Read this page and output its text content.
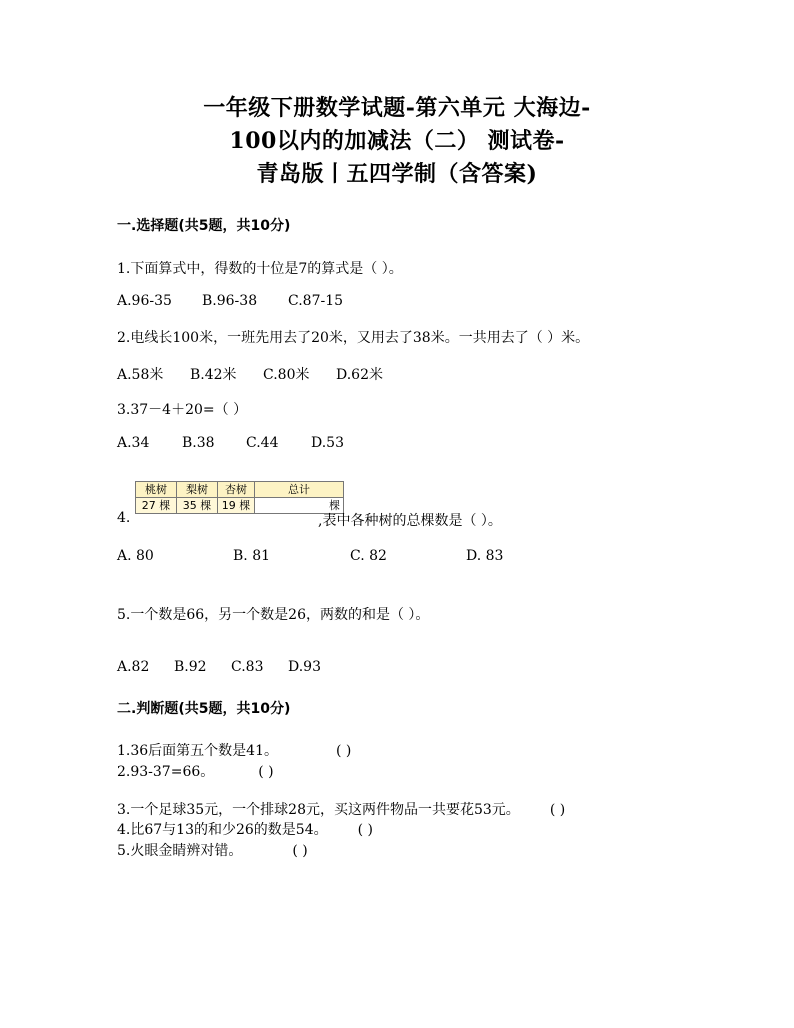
一年级下册数学试题-第六单元 大海边-
100以内的加减法（二） 测试卷-
青岛版丨五四学制（含答案)
一.选择题(共5题，共10分)
1.下面算式中，得数的十位是7的算式是（ ）。
A.96-35	B.96-38	C.87-15
2.电线长100米，一班先用去了20米，又用去了38米。一共用去了（ ）米。
A.58米	B.42米	C.80米	D.62米
3.37－4＋20=（ ）
A.34	B.38	C.44	D.53
桃树	梨树	杏树	总计
27 棵	35 棵	19 棵	棵
4.	,表中各种树的总棵数是（ ）。
A. 80	B. 81	C. 82	D. 83
5.一个数是66，另一个数是26，两数的和是（ ）。
A.82	B.92	C.83	D.93
二.判断题(共5题，共10分)
1.36后面第五个数是41。	( )
2.93-37=66。	( )
3.一个足球35元，一个排球28元，买这两件物品一共要花53元。 ( )
4.比67与13的和少26的数是54。 ( )
5.火眼金睛辨对错。	( )
